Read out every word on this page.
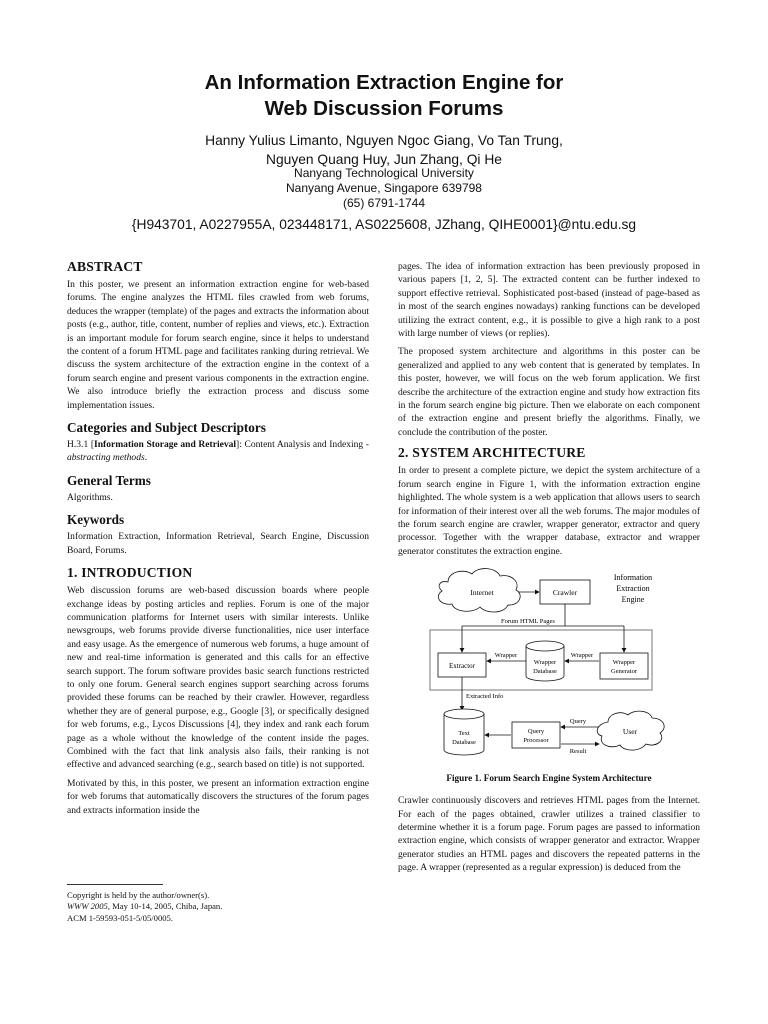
An Information Extraction Engine for
Web Discussion Forums
Hanny Yulius Limanto, Nguyen Ngoc Giang, Vo Tan Trung,
Nguyen Quang Huy, Jun Zhang, Qi He
Nanyang Technological University
Nanyang Avenue, Singapore 639798
(65) 6791-1744
{H943701, A0227955A, 023448171, AS0225608, JZhang, QIHE0001}@ntu.edu.sg
ABSTRACT

In this poster, we present an information extraction engine for web-based forums. The engine analyzes the HTML files crawled from web forums, deduces the wrapper (template) of the pages and extracts the information about posts (e.g., author, title, content, number of replies and views, etc.). Extraction is an important module for forum search engine, since it helps to understand the content of a forum HTML page and facilitates ranking during retrieval. We discuss the system architecture of the extraction engine in the context of a forum search engine and present various components in the extraction engine. We also introduce briefly the extraction process and discuss some implementation issues.

Categories and Subject Descriptors

H.3.1 [Information Storage and Retrieval]: Content Analysis and Indexing - abstracting methods.

General Terms

Algorithms.

Keywords

Information Extraction, Information Retrieval, Search Engine, Discussion Board, Forums.

1. INTRODUCTION

Web discussion forums are web-based discussion boards where people exchange ideas by posting articles and replies. Forum is one of the major communication platforms for Internet users with similar interests. Unlike newsgroups, web forums provide diverse functionalities, nice user interface and easy usage. As the emergence of numerous web forums, a huge amount of new and real-time information is generated and this calls for an effective search support. The forum software provides basic search functions restricted to only one forum. General search engines support searching across forums provided these forums can be reached by their crawler. However, regardless whether they are of general purpose, e.g., Google [3], or specifically designed for web forums, e.g., Lycos Discussions [4], they index and rank each forum page as a whole without the knowledge of the content inside the pages. Combined with the fact that link analysis also fails, their ranking is not effective and advanced searching (e.g., search based on title) is not supported.

Motivated by this, in this poster, we present an information extraction engine for web forums that automatically discovers the structures of the forum pages and extracts information inside the

Copyright is held by the author/owner(s).
WWW 2005, May 10-14, 2005, Chiba, Japan.
ACM 1-59593-051-5/05/0005.

pages. The idea of information extraction has been previously proposed in various papers [1, 2, 5]. The extracted content can be further indexed to support effective retrieval. Sophisticated post-based (instead of page-based as in most of the search engines nowadays) ranking functions can be developed utilizing the extract content, e.g., it is possible to give a high rank to a post with large number of views (or replies).

The proposed system architecture and algorithms in this poster can be generalized and applied to any web content that is generated by templates. In this poster, however, we will focus on the web forum application. We first describe the architecture of the extraction engine and study how extraction fits in the forum search engine big picture. Then we elaborate on each component of the extraction engine and present briefly the algorithms. Finally, we conclude the contribution of the poster.

2. SYSTEM ARCHITECTURE

In order to present a complete picture, we depict the system architecture of a forum search engine in Figure 1, with the information extraction engine highlighted. The whole system is a web application that allows users to search for information of their interest over all the web forums. The major modules of the forum search engine are crawler, wrapper generator, extractor and query processor. Together with the wrapper database, extractor and wrapper generator constitutes the extraction engine.

Internet	Crawler
Information
Extraction
Engine
Forum HTML Pages
Extractor	Wrapper
Database
Wrapper
Generator
Wrapper	Wrapper
Extracted Info
Text
Database
Query
Processor
User
Query
Result
Figure 1. Forum Search Engine System Architecture

Crawler continuously discovers and retrieves HTML pages from the Internet. For each of the pages obtained, crawler utilizes a trained classifier to determine whether it is a forum page. Forum pages are passed to information extraction engine, which consists of wrapper generator and extractor. Wrapper generator studies an HTML pages and discovers the repeated patterns in the page. A wrapper (represented as a regular expression) is deduced from the
